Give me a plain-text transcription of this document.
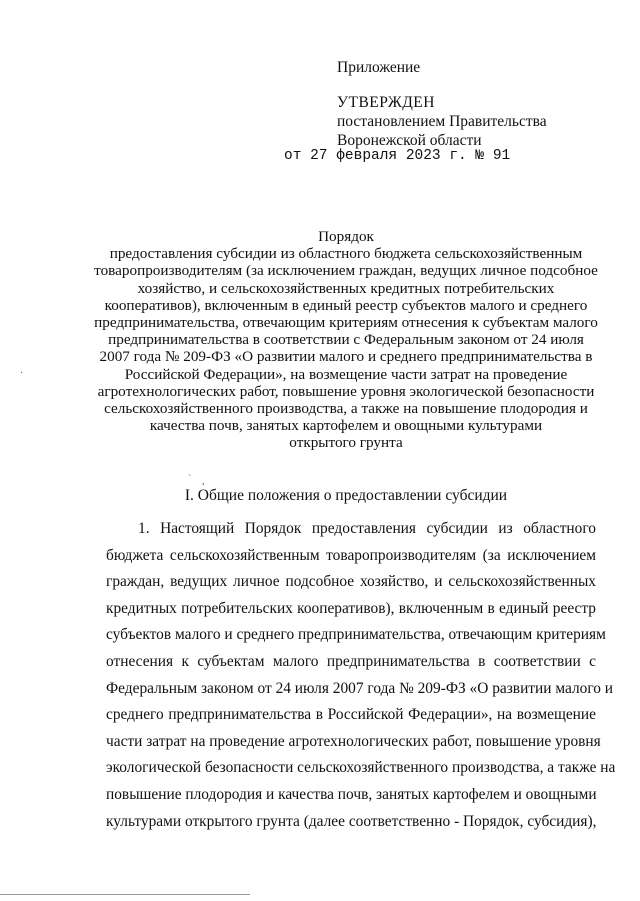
Приложение
УТВЕРЖДЕН
постановлением Правительства
Воронежской области
от 27 февраля 2023 г. № 91
Порядок
предоставления субсидии из областного бюджета сельскохозяйственным
товаропроизводителям (за исключением граждан, ведущих личное подсобное
хозяйство, и сельскохозяйственных кредитных потребительских
кооперативов), включенным в единый реестр субъектов малого и среднего
предпринимательства, отвечающим критериям отнесения к субъектам малого
предпринимательства в соответствии с Федеральным законом от 24 июля
2007 года № 209-ФЗ «О развитии малого и среднего предпринимательства в
Российской Федерации», на возмещение части затрат на проведение
агротехнологических работ, повышение уровня экологической безопасности
сельскохозяйственного производства, а также на повышение плодородия и
качества почв, занятых картофелем и овощными культурами
открытого грунта
·
` ,
I. Общие положения о предоставлении субсидии
1. Настоящий Порядок предоставления субсидии из областного
бюджета сельскохозяйственным товаропроизводителям (за исключением
граждан, ведущих личное подсобное хозяйство, и сельскохозяйственных
кредитных потребительских кооперативов), включенным в единый реестр
субъектов малого и среднего предпринимательства, отвечающим критериям
отнесения к субъектам малого предпринимательства в соответствии с
Федеральным законом от 24 июля 2007 года № 209-ФЗ «О развитии малого и
среднего предпринимательства в Российской Федерации», на возмещение
части затрат на проведение агротехнологических работ, повышение уровня
экологической безопасности сельскохозяйственного производства, а также на
повышение плодородия и качества почв, занятых картофелем и овощными
культурами открытого грунта (далее соответственно - Порядок, субсидия),
